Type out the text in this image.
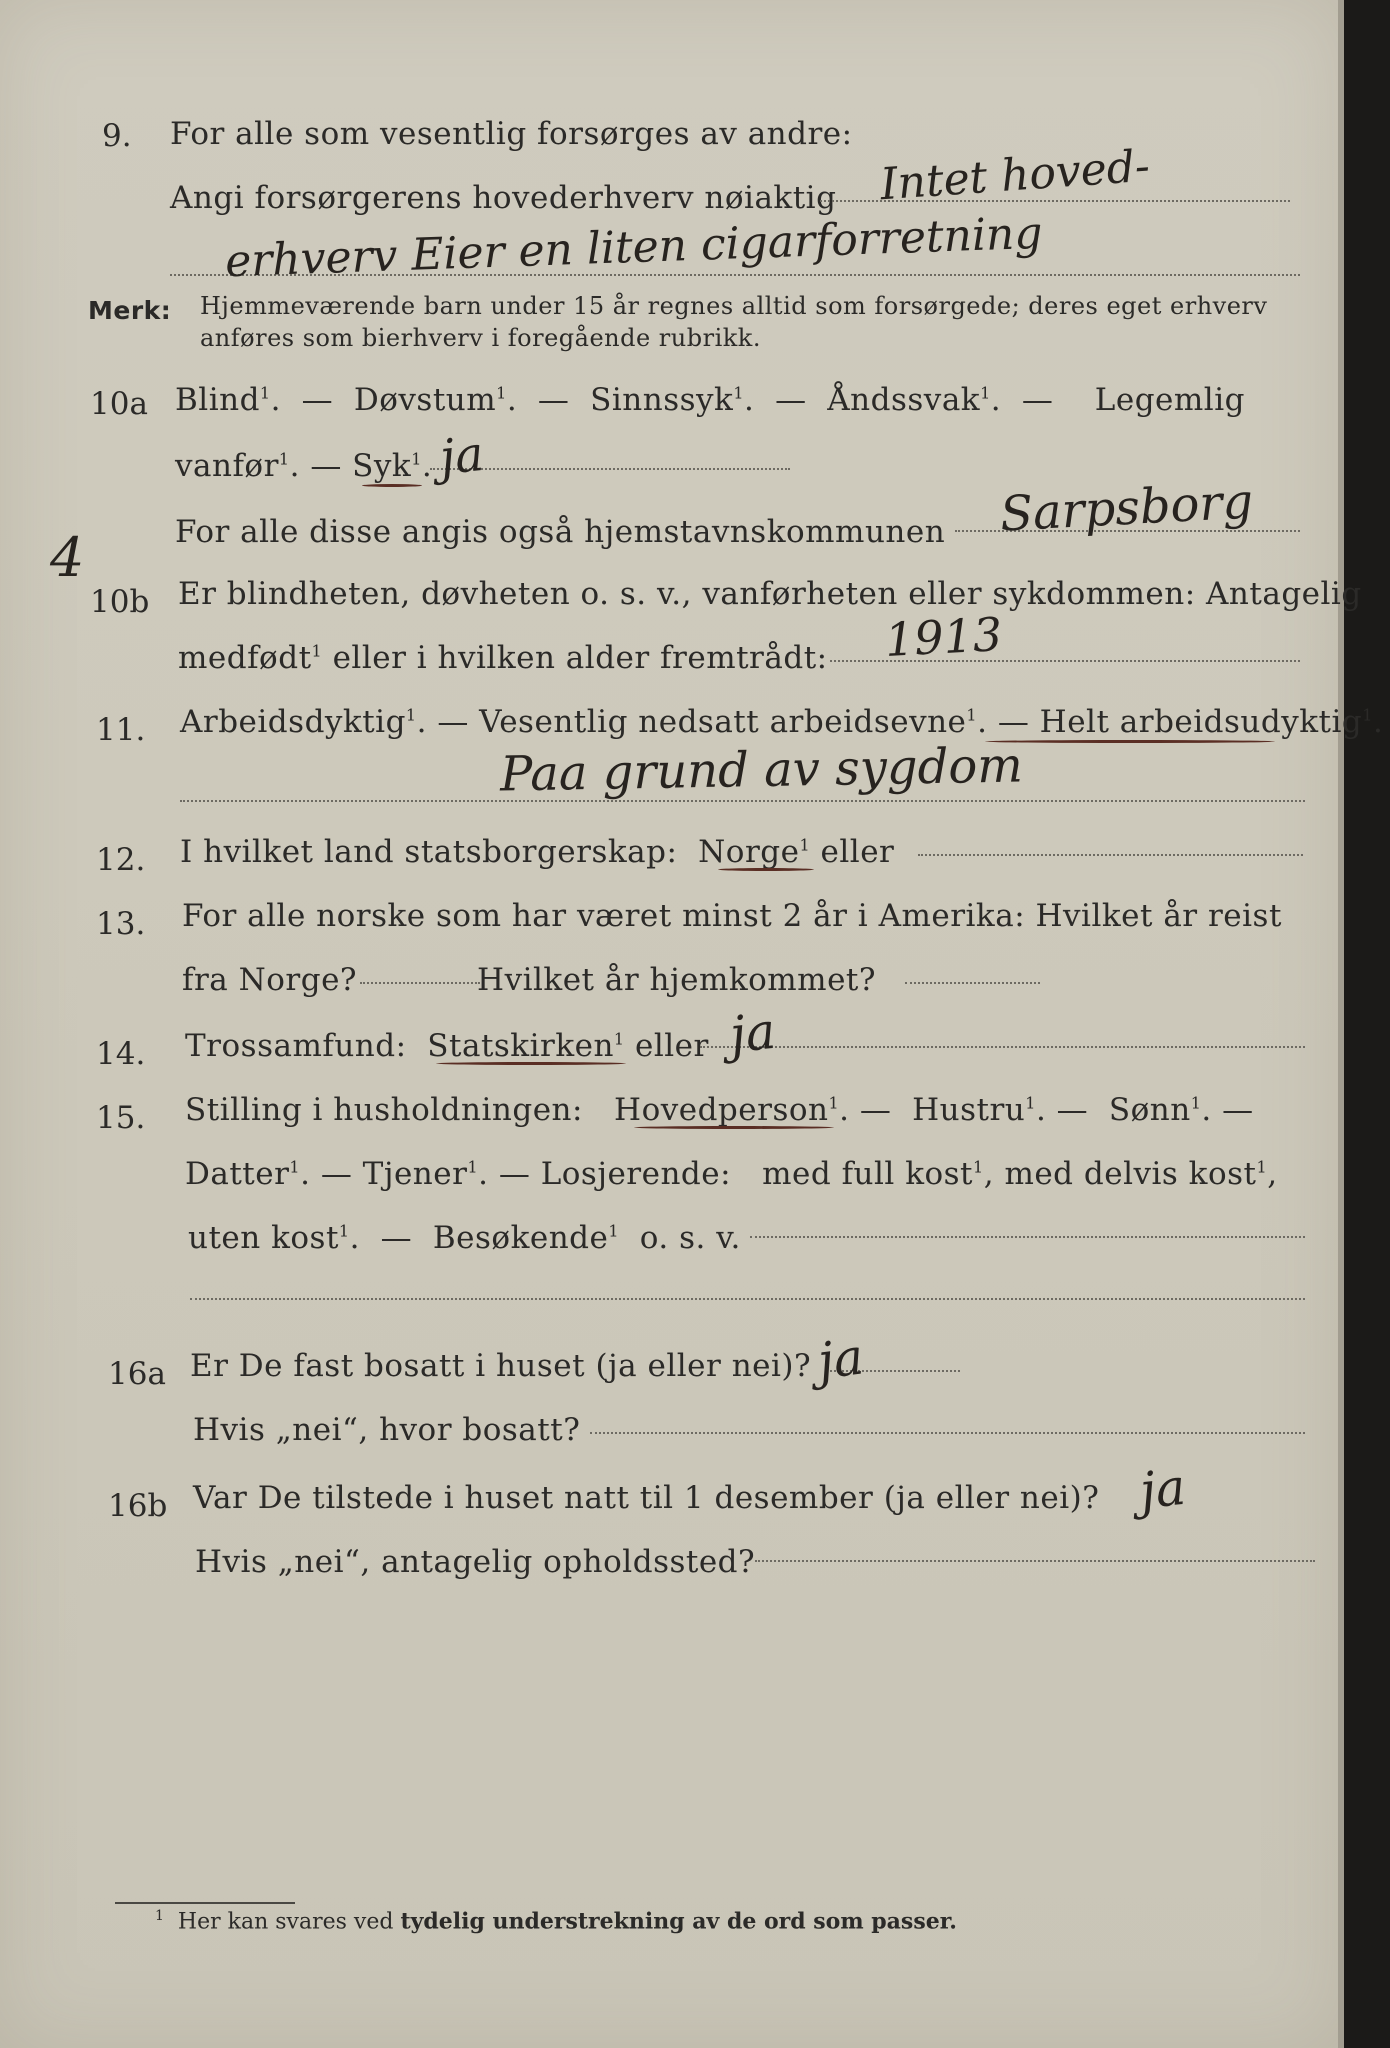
9. For alle som vesentlig forsørges av andre:
Angi forsørgerens hovederhverv nøiaktig Intet hoved-
erhverv Eier en liten cigarforretning
Merk: Hjemmeværende barn under 15 år regnes alltid som forsørgede; deres eget erhverv
anføres som bierhverv i foregående rubrikk.
10a Blind$^1$.  —  Døvstum$^1$.  —  Sinnssyk$^1$.  —  Åndssvak$^1$.  —    Legemlig
vanfør$^1$. — Syk$^1$. ja
For alle disse angis også hjemstavnskommunen Sarpsborg
4
10b Er blindheten, døvheten o. s. v., vanførheten eller sykdommen: Antagelig
medfødt$^1$ eller i hvilken alder fremtrådt: 1913
11. Arbeidsdyktig$^1$. — Vesentlig nedsatt arbeidsevne$^1$. — Helt arbeidsudyktig$^1$.
Paa grund av sygdom
12. I hvilket land statsborgerskap: Norge$^1$ eller
13. For alle norske som har været minst 2 år i Amerika: Hvilket år reist
fra Norge?	Hvilket år hjemkommet?
14. Trossamfund: Statskirken$^1$ eller ja
15. Stilling i husholdningen: Hovedperson$^1$. —  Hustru$^1$. —  Sønn$^1$. —
Datter$^1$. — Tjener$^1$. — Losjerende: med full kost$^1$, med delvis kost$^1$,
uten kost$^1$.  —  Besøkende$^1$ o. s. v.
16a Er De fast bosatt i huset (ja eller nei)? ja
Hvis „nei“, hvor bosatt?
16b Var De tilstede i huset natt til 1 desember (ja eller nei)? ja
Hvis „nei“, antagelig opholdssted?
$^1$ Her kan svares ved tydelig understrekning av de ord som passer.
